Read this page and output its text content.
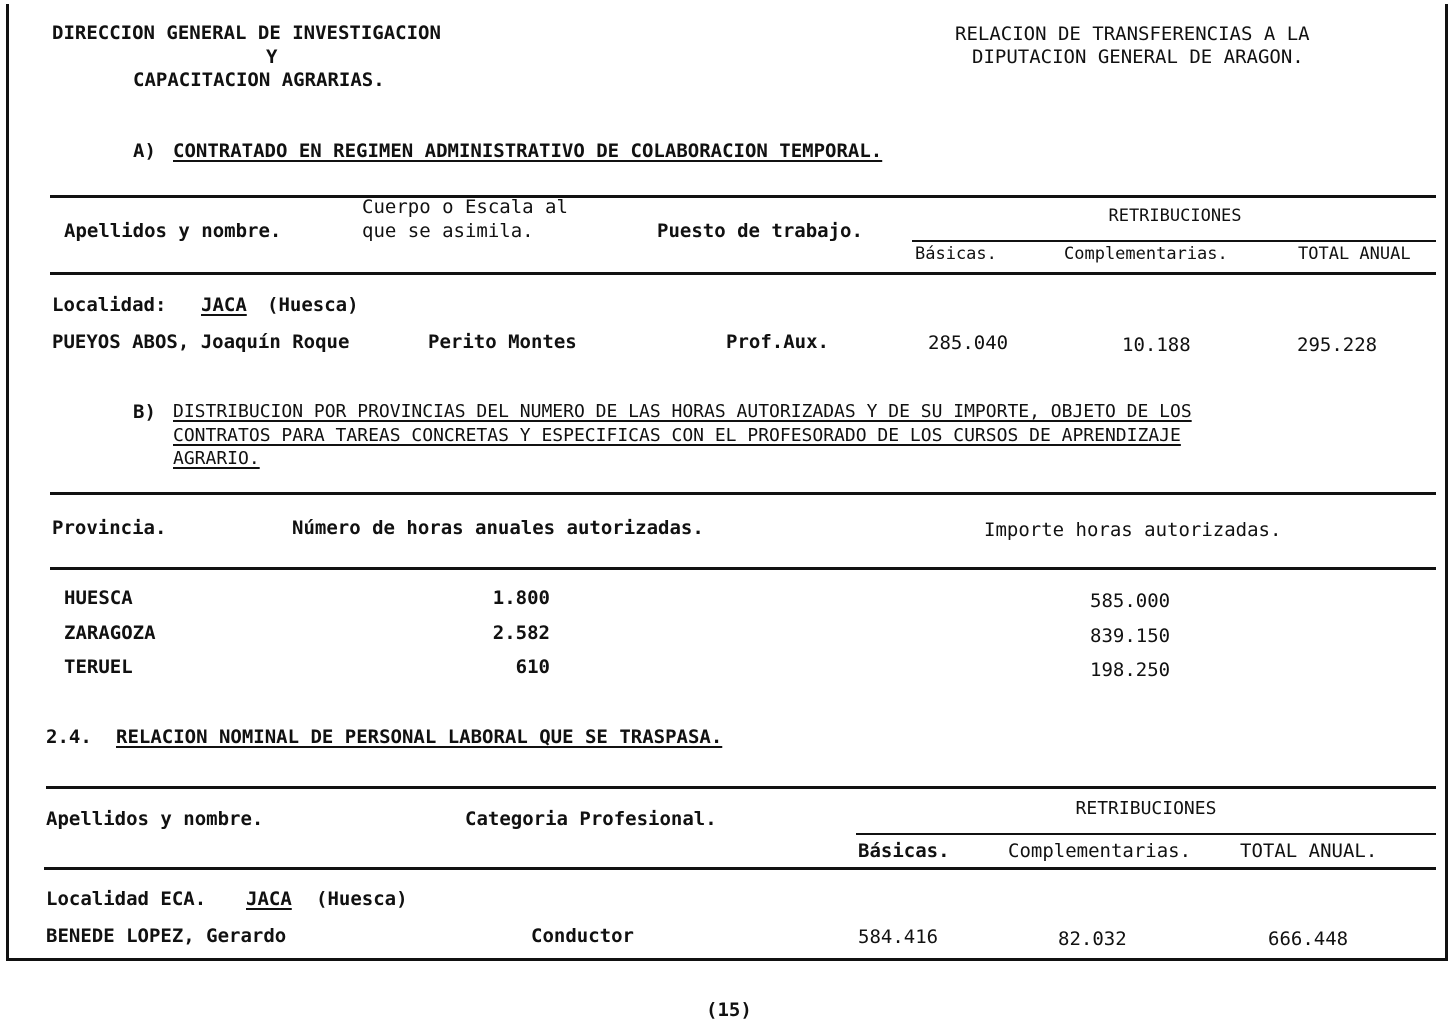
DIRECCION GENERAL DE INVESTIGACION
Y
CAPACITACION AGRARIAS.
RELACION DE TRANSFERENCIAS A LA
DIPUTACION GENERAL DE ARAGON.
A) CONTRATADO EN REGIMEN ADMINISTRATIVO DE COLABORACION TEMPORAL.
Apellidos y nombre.
Cuerpo o Escala al
que se asimila.	Puesto de trabajo.
RETRIBUCIONES
Básicas.	Complementarias.	TOTAL ANUAL
Localidad: JACA (Huesca)
PUEYOS ABOS, Joaquín Roque	Perito Montes	Prof.Aux.	285.040	10.188	295.228
B) DISTRIBUCION POR PROVINCIAS DEL NUMERO DE LAS HORAS AUTORIZADAS Y DE SU IMPORTE, OBJETO DE LOS
CONTRATOS PARA TAREAS CONCRETAS Y ESPECIFICAS CON EL PROFESORADO DE LOS CURSOS DE APRENDIZAJE
AGRARIO.
Provincia.	Número de horas anuales autorizadas.	Importe horas autorizadas.
HUESCA	1.800	585.000
ZARAGOZA	2.582	839.150
TERUEL	610	198.250
2.4. RELACION NOMINAL DE PERSONAL LABORAL QUE SE TRASPASA.
Apellidos y nombre.	Categoria Profesional.	RETRIBUCIONES
Básicas.	Complementarias.	TOTAL ANUAL.
Localidad ECA. JACA (Huesca)
BENEDE LOPEZ, Gerardo	Conductor	584.416	82.032	666.448
(15)
